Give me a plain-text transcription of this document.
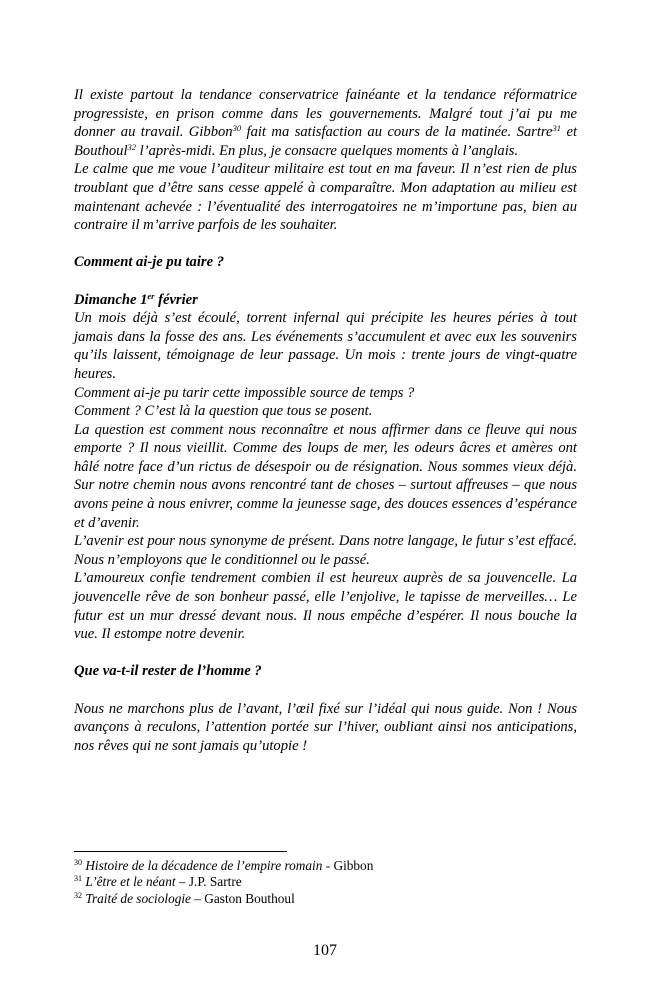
Il existe partout la tendance conservatrice fainéante et la tendance réformatrice progressiste, en prison comme dans les gouvernements. Malgré tout j’ai pu me donner au travail. Gibbon$^{30}$ fait ma satisfaction au cours de la matinée. Sartre$^{31}$ et Bouthoul$^{32}$ l’après-midi. En plus, je consacre quelques moments à l’anglais.

Le calme que me voue l’auditeur militaire est tout en ma faveur. Il n’est rien de plus troublant que d’être sans cesse appelé à comparaître. Mon adaptation au milieu est maintenant achevée : l’éventualité des interrogatoires ne m’importune pas, bien au contraire il m’arrive parfois de les souhaiter.

Comment ai-je pu taire ?

Dimanche 1er février

Un mois déjà s’est écoulé, torrent infernal qui précipite les heures péries à tout jamais dans la fosse des ans. Les événements s’accumulent et avec eux les souvenirs qu’ils laissent, témoignage de leur passage. Un mois : trente jours de vingt-quatre heures.

Comment ai-je pu tarir cette impossible source de temps ?

Comment ? C’est là la question que tous se posent.

La question est comment nous reconnaître et nous affirmer dans ce fleuve qui nous emporte ? Il nous vieillit. Comme des loups de mer, les odeurs âcres et amères ont hâlé notre face d’un rictus de désespoir ou de résignation. Nous sommes vieux déjà. Sur notre chemin nous avons rencontré tant de choses – surtout affreuses – que nous avons peine à nous enivrer, comme la jeunesse sage, des douces essences d’espérance et d’avenir.

L’avenir est pour nous synonyme de présent. Dans notre langage, le futur s’est effacé. Nous n’employons que le conditionnel ou le passé.

L’amoureux confie tendrement combien il est heureux auprès de sa jouvencelle. La jouvencelle rêve de son bonheur passé, elle l’enjolive, le tapisse de merveilles… Le futur est un mur dressé devant nous. Il nous empêche d’espérer. Il nous bouche la vue. Il estompe notre devenir.

Que va-t-il rester de l’homme ?

Nous ne marchons plus de l’avant, l’œil fixé sur l’idéal qui nous guide. Non ! Nous avançons à reculons, l’attention portée sur l’hiver, oubliant ainsi nos anticipations, nos rêves qui ne sont jamais qu’utopie !

$^{30}$ Histoire de la décadence de l’empire romain - Gibbon
$^{31}$ L’être et le néant – J.P. Sartre
$^{32}$ Traité de sociologie – Gaston Bouthoul
107
